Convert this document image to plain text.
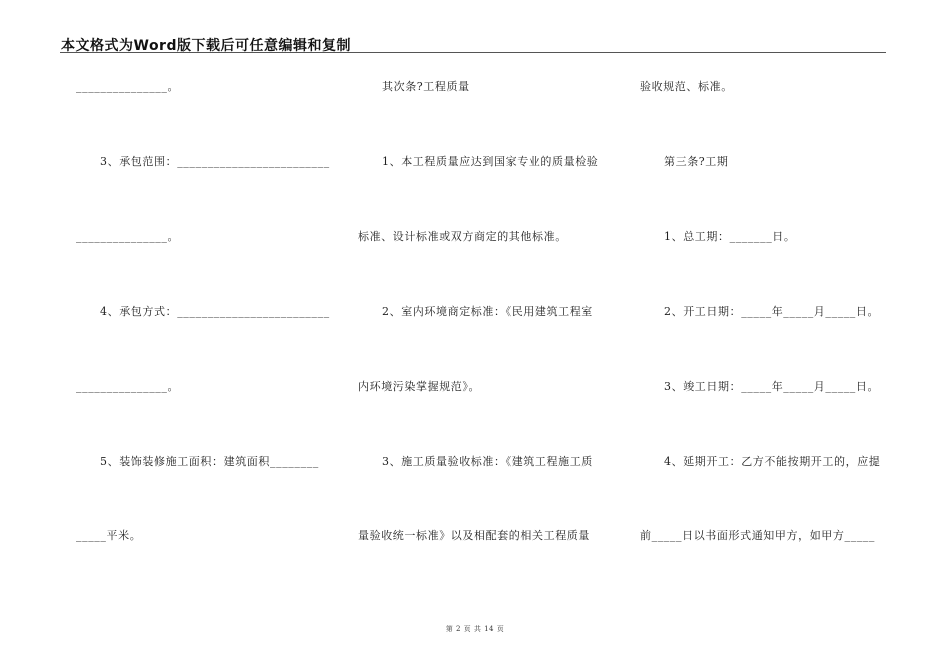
本文格式为Word版下载后可任意编辑和复制
_______________。
3、承包范围：_________________________
_______________。
4、承包方式：_________________________
_______________。
5、装饰装修施工面积：建筑面积________
_____平米。
其次条?工程质量
1、本工程质量应达到国家专业的质量检验
标准、设计标准或双方商定的其他标准。
2、室内环境商定标准：《民用建筑工程室
内环境污染掌握规范》。
3、施工质量验收标准：《建筑工程施工质
量验收统一标准》以及相配套的相关工程质量
验收规范、标准。
第三条?工期
1、总工期：_______日。
2、开工日期：_____年_____月_____日。
3、竣工日期：_____年_____月_____日。
4、延期开工：乙方不能按期开工的，应提
前_____日以书面形式通知甲方，如甲方_____
第 2 页 共 14 页
